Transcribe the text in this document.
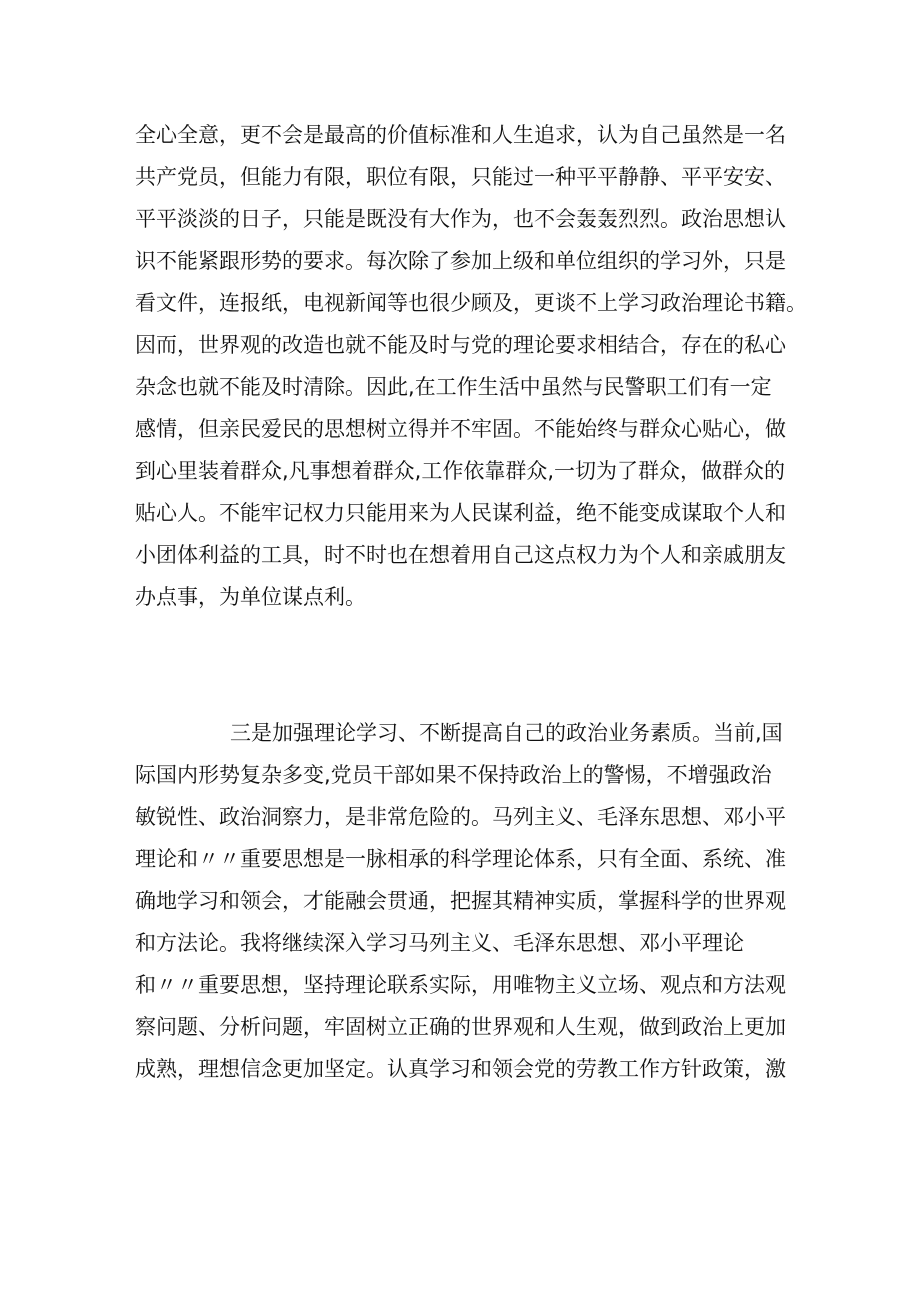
全心全意，更不会是最高的价值标准和人生追求，认为自己虽然是一名
共产党员，但能力有限，职位有限，只能过一种平平静静、平平安安、
平平淡淡的日子，只能是既没有大作为，也不会轰轰烈烈。政治思想认
识不能紧跟形势的要求。每次除了参加上级和单位组织的学习外，只是
看文件，连报纸，电视新闻等也很少顾及，更谈不上学习政治理论书籍。
因而，世界观的改造也就不能及时与党的理论要求相结合，存在的私心
杂念也就不能及时清除。因此,在工作生活中虽然与民警职工们有一定
感情，但亲民爱民的思想树立得并不牢固。不能始终与群众心贴心，做
到心里装着群众,凡事想着群众,工作依靠群众,一切为了群众，做群众的
贴心人。不能牢记权力只能用来为人民谋利益，绝不能变成谋取个人和
小团体利益的工具，时不时也在想着用自己这点权力为个人和亲戚朋友
办点事，为单位谋点利。
三是加强理论学习、不断提高自己的政治业务素质。当前,国
际国内形势复杂多变,党员干部如果不保持政治上的警惕，不增强政治
敏锐性、政治洞察力，是非常危险的。马列主义、毛泽东思想、邓小平
理论和〃〃重要思想是一脉相承的科学理论体系，只有全面、系统、准
确地学习和领会，才能融会贯通，把握其精神实质，掌握科学的世界观
和方法论。我将继续深入学习马列主义、毛泽东思想、邓小平理论
和〃〃重要思想，坚持理论联系实际，用唯物主义立场、观点和方法观
察问题、分析问题，牢固树立正确的世界观和人生观，做到政治上更加
成熟，理想信念更加坚定。认真学习和领会党的劳教工作方针政策，激
